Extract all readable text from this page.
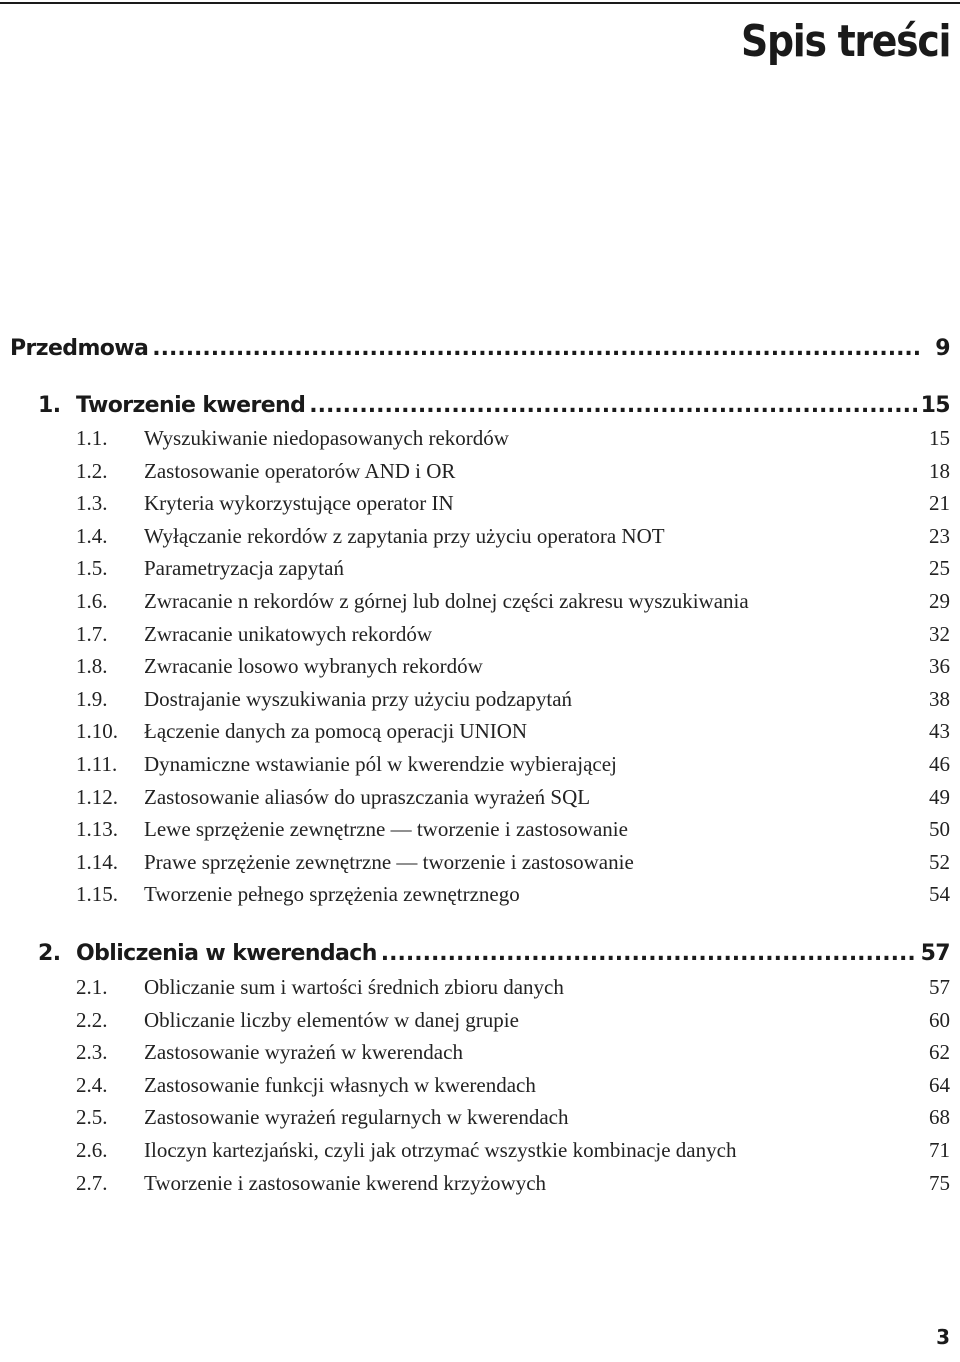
Spis treści
Przedmowa .....	9
1. Tworzenie kwerend .....	15
1.1.	Wyszukiwanie niedopasowanych rekordów	15
1.2.	Zastosowanie operatorów AND i OR	18
1.3.	Kryteria wykorzystujące operator IN	21
1.4.	Wyłączanie rekordów z zapytania przy użyciu operatora NOT	23
1.5.	Parametryzacja zapytań	25
1.6.	Zwracanie n rekordów z górnej lub dolnej części zakresu wyszukiwania	29
1.7.	Zwracanie unikatowych rekordów	32
1.8.	Zwracanie losowo wybranych rekordów	36
1.9.	Dostrajanie wyszukiwania przy użyciu podzapytań	38
1.10.	Łączenie danych za pomocą operacji UNION	43
1.11.	Dynamiczne wstawianie pól w kwerendzie wybierającej	46
1.12.	Zastosowanie aliasów do upraszczania wyrażeń SQL	49
1.13.	Lewe sprzężenie zewnętrzne — tworzenie i zastosowanie	50
1.14.	Prawe sprzężenie zewnętrzne — tworzenie i zastosowanie	52
1.15.	Tworzenie pełnego sprzężenia zewnętrznego	54
2. Obliczenia w kwerendach .....	57
2.1.	Obliczanie sum i wartości średnich zbioru danych	57
2.2.	Obliczanie liczby elementów w danej grupie	60
2.3.	Zastosowanie wyrażeń w kwerendach	62
2.4.	Zastosowanie funkcji własnych w kwerendach	64
2.5.	Zastosowanie wyrażeń regularnych w kwerendach	68
2.6.	Iloczyn kartezjański, czyli jak otrzymać wszystkie kombinacje danych	71
2.7.	Tworzenie i zastosowanie kwerend krzyżowych	75
3
